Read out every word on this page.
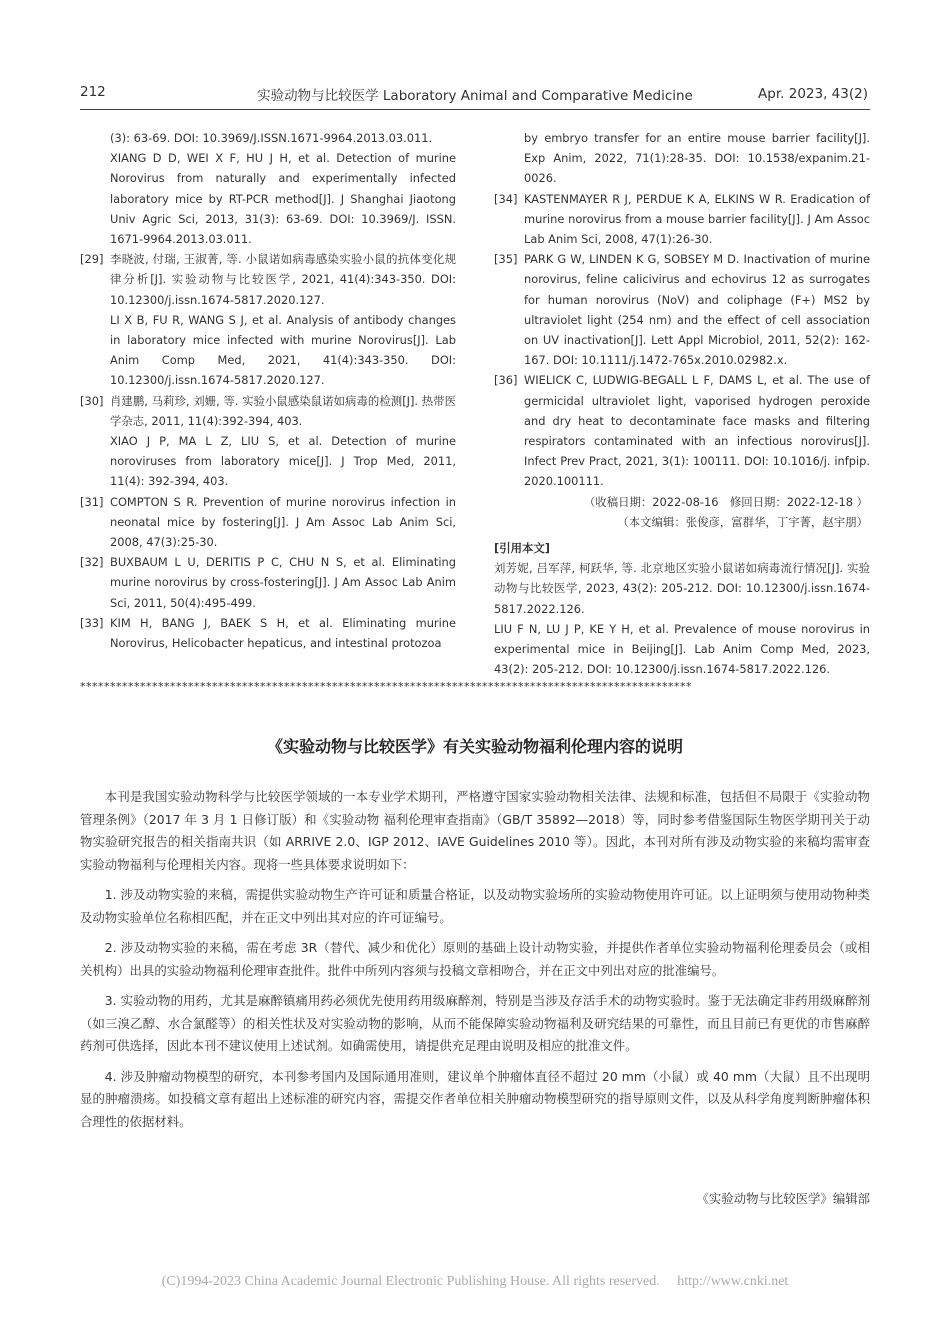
212	实验动物与比较医学 Laboratory Animal and Comparative Medicine	Apr. 2023, 43(2)

(3): 63-69. DOI: 10.3969/J.ISSN.1671-9964.2013.03.011.

XIANG D D, WEI X F, HU J H, et al. Detection of murine Norovirus from naturally and experimentally infected laboratory mice by RT-PCR method[J]. J Shanghai Jiaotong Univ Agric Sci, 2013, 31(3): 63-69. DOI: 10.3969/J. ISSN. 1671-9964.2013.03.011.

[29] 李晓波, 付瑞, 王淑菁, 等. 小鼠诺如病毒感染实验小鼠的抗体变化规律分析[J]. 实验动物与比较医学, 2021, 41(4):343-350. DOI: 10.12300/j.issn.1674-5817.2020.127.

LI X B, FU R, WANG S J, et al. Analysis of antibody changes in laboratory mice infected with murine Norovirus[J]. Lab Anim Comp Med, 2021, 41(4):343-350. DOI: 10.12300/j.issn.1674-5817.2020.127.

[30] 肖建鹏, 马莉珍, 刘姗, 等. 实验小鼠感染鼠诺如病毒的检测[J]. 热带医学杂志, 2011, 11(4):392-394, 403.

XIAO J P, MA L Z, LIU S, et al. Detection of murine noroviruses from laboratory mice[J]. J Trop Med, 2011, 11(4): 392-394, 403.

[31] COMPTON S R. Prevention of murine norovirus infection in neonatal mice by fostering[J]. J Am Assoc Lab Anim Sci, 2008, 47(3):25-30.

[32] BUXBAUM L U, DERITIS P C, CHU N S, et al. Eliminating murine norovirus by cross-fostering[J]. J Am Assoc Lab Anim Sci, 2011, 50(4):495-499.

[33] KIM H, BANG J, BAEK S H, et al. Eliminating murine Norovirus, Helicobacter hepaticus, and intestinal protozoa

by embryo transfer for an entire mouse barrier facility[J]. Exp Anim, 2022, 71(1):28-35. DOI: 10.1538/expanim.21-0026.
[34] KASTENMAYER R J, PERDUE K A, ELKINS W R. Eradication of murine norovirus from a mouse barrier facility[J]. J Am Assoc Lab Anim Sci, 2008, 47(1):26-30.

[35] PARK G W, LINDEN K G, SOBSEY M D. Inactivation of murine norovirus, feline calicivirus and echovirus 12 as surrogates for human norovirus (NoV) and coliphage (F+) MS2 by ultraviolet light (254 nm) and the effect of cell association on UV inactivation[J]. Lett Appl Microbiol, 2011, 52(2): 162-167. DOI: 10.1111/j.1472-765x.2010.02982.x.

[36] WIELICK C, LUDWIG-BEGALL L F, DAMS L, et al. The use of germicidal ultraviolet light, vaporised hydrogen peroxide and dry heat to decontaminate face masks and filtering respirators contaminated with an infectious norovirus[J]. Infect Prev Pract, 2021, 3(1): 100111. DOI: 10.1016/j. infpip. 2020.100111.

（收稿日期：2022-08-16　修回日期：2022-12-18 ）
（本文编辑：张俊彦，富群华，丁宇菁，赵宇朋）
[引用本文]

刘芳妮, 吕军萍, 柯跃华, 等. 北京地区实验小鼠诺如病毒流行情况[J]. 实验动物与比较医学, 2023, 43(2): 205-212. DOI: 10.12300/j.issn.1674-5817.2022.126.

LIU F N, LU J P, KE Y H, et al. Prevalence of mouse norovirus in experimental mice in Beijing[J]. Lab Anim Comp Med, 2023, 43(2): 205-212. DOI: 10.12300/j.issn.1674-5817.2022.126.

******************************************************************************************************
《实验动物与比较医学》有关实验动物福利伦理内容的说明

本刊是我国实验动物科学与比较医学领域的一本专业学术期刊，严格遵守国家实验动物相关法律、法规和标准，包括但不局限于《实验动物管理条例》（2017 年 3 月 1 日修订版）和《实验动物 福利伦理审查指南》（GB/T 35892—2018）等，同时参考借鉴国际生物医学期刊关于动物实验研究报告的相关指南共识（如 ARRIVE 2.0、IGP 2012、IAVE Guidelines 2010 等）。因此，本刊对所有涉及动物实验的来稿均需审查实验动物福利与伦理相关内容。现将一些具体要求说明如下：

1. 涉及动物实验的来稿，需提供实验动物生产许可证和质量合格证，以及动物实验场所的实验动物使用许可证。以上证明须与使用动物种类及动物实验单位名称相匹配，并在正文中列出其对应的许可证编号。

2. 涉及动物实验的来稿，需在考虑 3R（替代、减少和优化）原则的基础上设计动物实验，并提供作者单位实验动物福利伦理委员会（或相关机构）出具的实验动物福利伦理审查批件。批件中所列内容须与投稿文章相吻合，并在正文中列出对应的批准编号。

3. 实验动物的用药，尤其是麻醉镇痛用药必须优先使用药用级麻醉剂，特别是当涉及存活手术的动物实验时。鉴于无法确定非药用级麻醉剂（如三溴乙醇、水合氯醛等）的相关性状及对实验动物的影响，从而不能保障实验动物福利及研究结果的可靠性，而且目前已有更优的市售麻醉药剂可供选择，因此本刊不建议使用上述试剂。如确需使用，请提供充足理由说明及相应的批准文件。

4. 涉及肿瘤动物模型的研究，本刊参考国内及国际通用准则，建议单个肿瘤体直径不超过 20 mm（小鼠）或 40 mm（大鼠）且不出现明显的肿瘤溃疡。如投稿文章有超出上述标准的研究内容，需提交作者单位相关肿瘤动物模型研究的指导原则文件，以及从科学角度判断肿瘤体积合理性的依据材料。

《实验动物与比较医学》编辑部
(C)1994-2023 China Academic Journal Electronic Publishing House. All rights reserved.　 http://www.cnki.net
